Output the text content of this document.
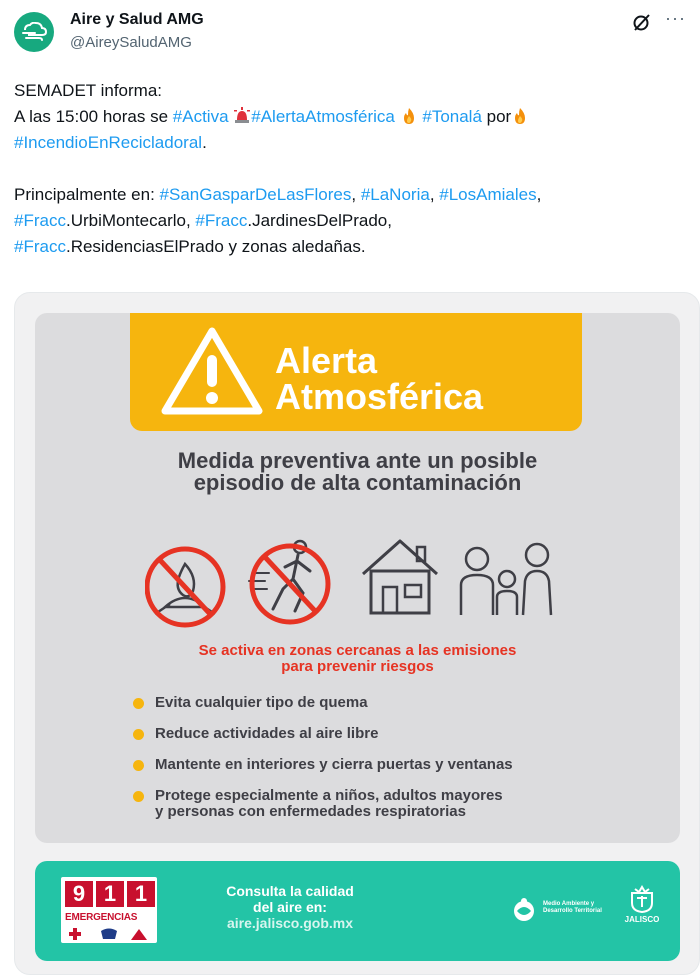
Aire y Salud AMG
@AireySaludAMG
···
SEMADET informa:
A las 15:00 horas se #Activa #AlertaAtmosférica #Tonalá por
#IncendioEnRecicladoral.

Principalmente en: #SanGasparDeLasFlores, #LaNoria, #LosAmiales,
#Fracc.UrbiMontecarlo, #Fracc.JardinesDelPrado,
#Fracc.ResidenciasElPrado y zonas aledañas.
Alerta
Atmosférica
Medida preventiva ante un posible
episodio de alta contaminación
Se activa en zonas cercanas a las emisiones
para prevenir riesgos
Evita cualquier tipo de quema
Reduce actividades al aire libre
Mantente en interiores y cierra puertas y ventanas
Protege especialmente a niños, adultos mayores
y personas con enfermedades respiratorias
9 1 1
EMERGENCIAS
Consulta la calidad
del aire en:
aire.jalisco.gob.mx
Medio Ambiente y
Desarrollo Territorial
JALISCO
